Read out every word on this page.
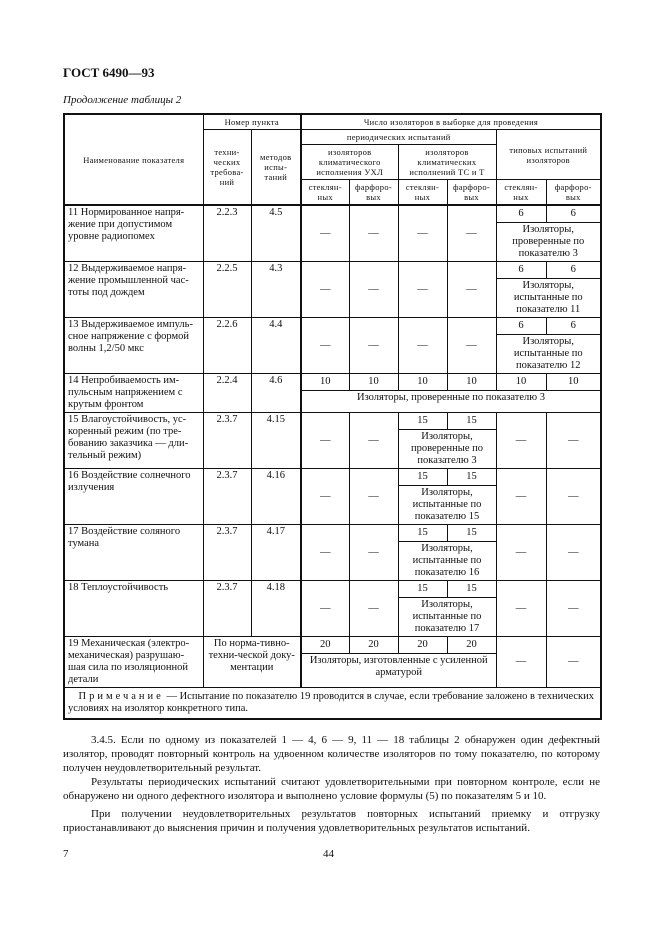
ГОСТ 6490—93
Продолжение таблицы 2
Наименование показателя	Номер пункта		Число изоляторов в выборке для проведения					
	техни-ческих требова-ний	методов испы-таний	периодических испытаний				типовых испытаний изоляторов	
			изоляторов климатического исполнения УХЛ		изоляторов климатических исполнений ТС и Т			
			стеклян-ных	фарфоро-вых	стеклян-ных	фарфоро-вых	стеклян-ных	фарфоро-вых
11 Нормированное напря-жение при допустимом уровне радиопомех	2.2.3	4.5	—	—	—	—	6	6
							Изоляторы, проверенные по показателю 3	
12 Выдерживаемое напря-жение промышленной час-тоты под дождем	2.2.5	4.3	—	—	—	—	6	6
							Изоляторы, испытанные по показателю 11	
13 Выдерживаемое импуль-сное напряжение с формой волны 1,2/50 мкс	2.2.6	4.4	—	—	—	—	6	6
							Изоляторы, испытанные по показателю 12	
14 Непробиваемость им-пульсным напряжением с крутым фронтом	2.2.4	4.6	10	10	10	10	10	10
			Изоляторы, проверенные по показателю 3					
15 Влагоустойчивость, ус-коренный режим (по тре-бованию заказчика — дли-тельный режим)	2.3.7	4.15	—	—	15	15	—	—
					Изоляторы, проверенные по показателю 3			
16 Воздействие солнечного излучения	2.3.7	4.16	—	—	15	15	—	—
					Изоляторы, испытанные по показателю 15			
17 Воздействие соляного тумана	2.3.7	4.17	—	—	15	15	—	—
					Изоляторы, испытанные по показателю 16			
18 Теплоустойчивость	2.3.7	4.18	—	—	15	15	—	—
					Изоляторы, испытанные по показателю 17			
19 Механическая (электро-механическая) разрушаю-шая сила по изоляционной детали	По норма-тивно-техни-ческой доку-ментации		20	20	20	20	—	—
			Изоляторы, изготовленные с усиленной арматурой					
Примечание — Испытание по показателю 19 проводится в случае, если требование заложено в технических условиях на изолятор конкретного типа.								

3.4.5. Если по одному из показателей 1 — 4, 6 — 9, 11 — 18 таблицы 2 обнаружен один дефектный изолятор, проводят повторный контроль на удвоенном количестве изоляторов по тому показателю, по которому получен неудовлетворительный результат.

Результаты периодических испытаний считают удовлетворительными при повторном контроле, если не обнаружено ни одного дефектного изолятора и выполнено условие формулы (5) по показателям 5 и 10.

При получении неудовлетворительных результатов повторных испытаний приемку и отгрузку приостанавливают до выяснения причин и получения удовлетворительных результатов испытаний.

7	44
